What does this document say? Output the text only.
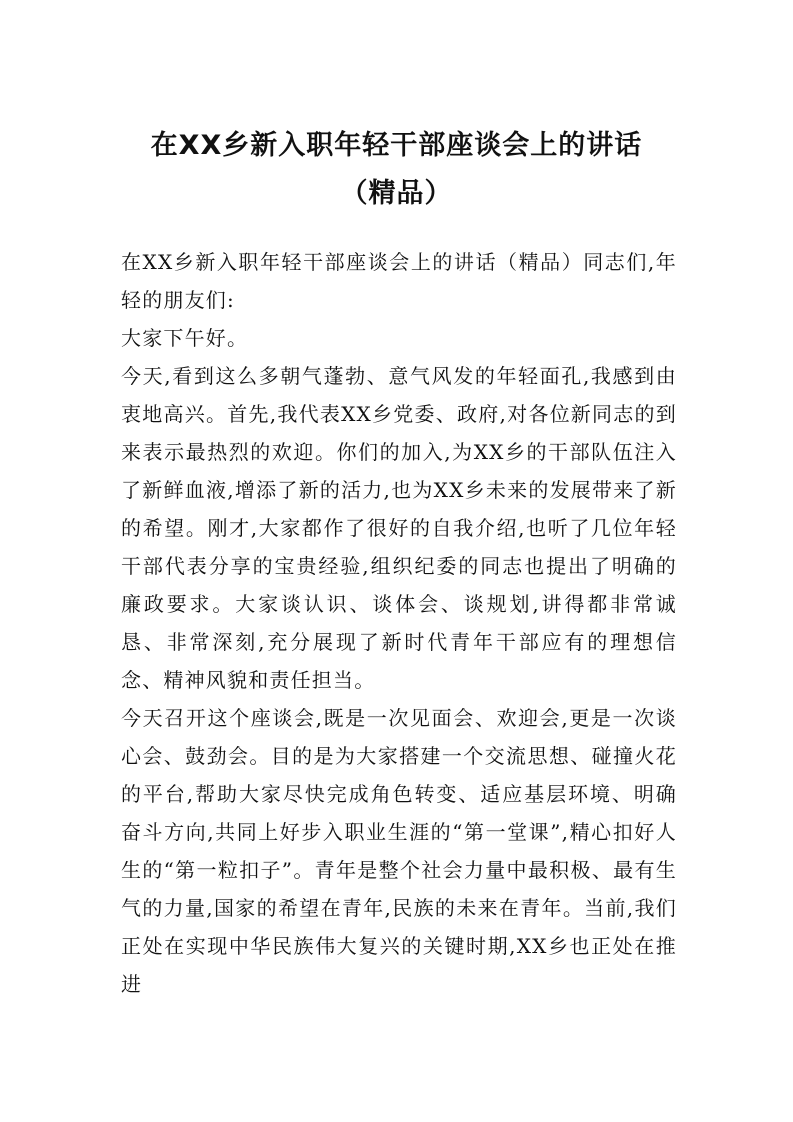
在XX乡新入职年轻干部座谈会上的讲话
（精品）

在XX乡新入职年轻干部座谈会上的讲话（精品）同志们,年轻的朋友们:

大家下午好。

今天,看到这么多朝气蓬勃、意气风发的年轻面孔,我感到由衷地高兴。首先,我代表XX乡党委、政府,对各位新同志的到来表示最热烈的欢迎。你们的加入,为XX乡的干部队伍注入了新鲜血液,增添了新的活力,也为XX乡未来的发展带来了新的希望。刚才,大家都作了很好的自我介绍,也听了几位年轻干部代表分享的宝贵经验,组织纪委的同志也提出了明确的廉政要求。大家谈认识、谈体会、谈规划,讲得都非常诚恳、非常深刻,充分展现了新时代青年干部应有的理想信念、精神风貌和责任担当。

今天召开这个座谈会,既是一次见面会、欢迎会,更是一次谈心会、鼓劲会。目的是为大家搭建一个交流思想、碰撞火花的平台,帮助大家尽快完成角色转变、适应基层环境、明确奋斗方向,共同上好步入职业生涯的“第一堂课”,精心扣好人生的“第一粒扣子”。青年是整个社会力量中最积极、最有生气的力量,国家的希望在青年,民族的未来在青年。当前,我们正处在实现中华民族伟大复兴的关键时期,XX乡也正处在推进
